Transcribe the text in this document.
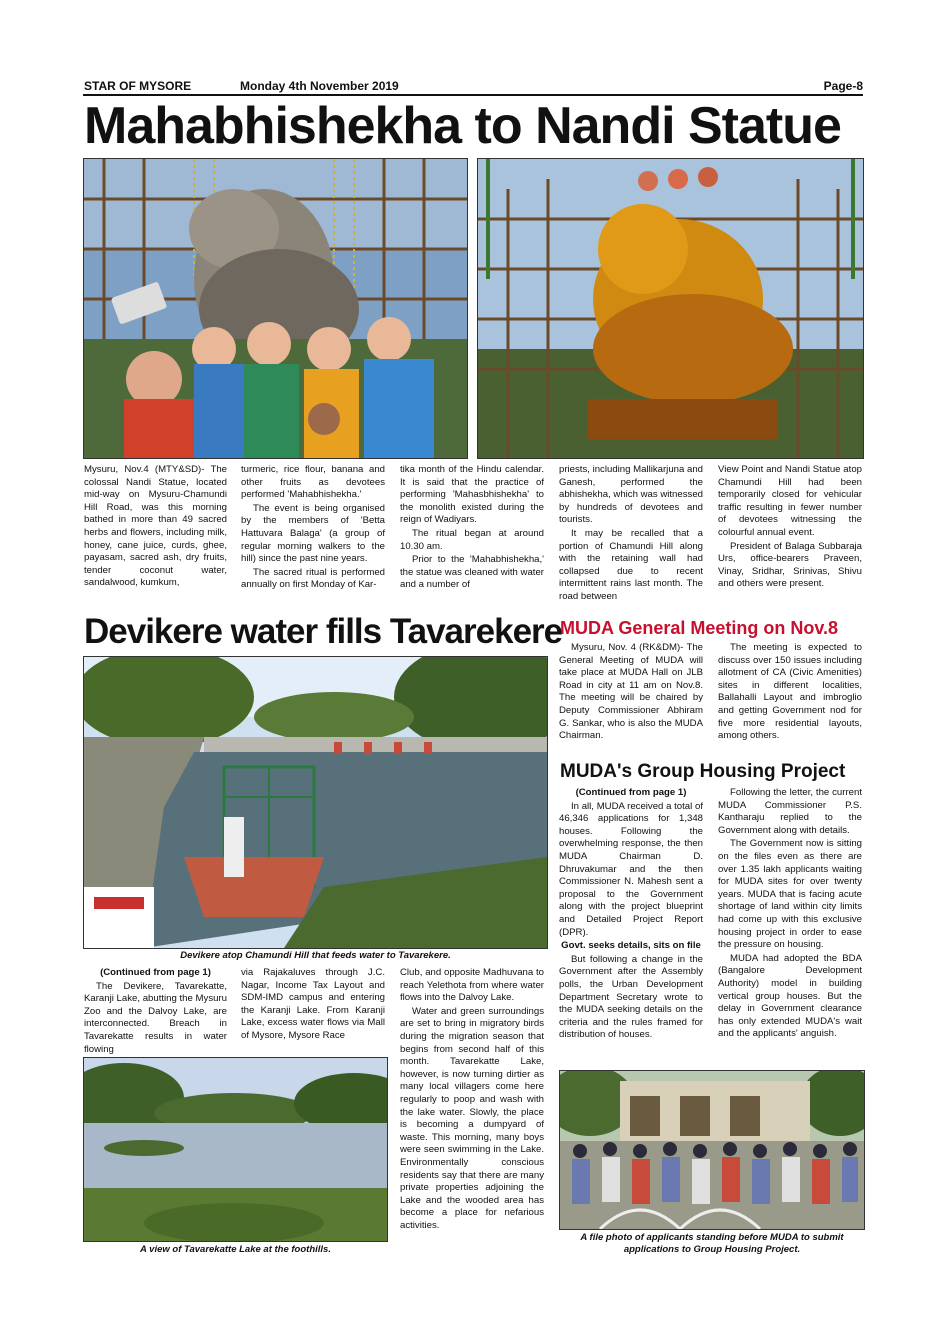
STAR OF MYSORE	Monday 4th November 2019	Page-8
Mahabhishekha to Nandi Statue

Mysuru, Nov.4 (MTY&SD)- The colossal Nandi Statue, located mid-way on Mysuru-Chamundi Hill Road, was this morning bathed in more than 49 sacred herbs and flowers, including milk, honey, cane juice, curds, ghee, payasam, sacred ash, dry fruits, tender coconut water, sandalwood, kumkum,

turmeric, rice flour, banana and other fruits as devotees performed 'Mahabhishekha.'

The event is being organised by the members of 'Betta Hattuvara Balaga' (a group of regular morning walkers to the hill) since the past nine years.

The sacred ritual is performed annually on first Monday of Kar-

tika month of the Hindu calendar. It is said that the practice of performing 'Mahasbhishekha' to the monolith existed during the reign of Wadiyars.

The ritual began at around 10.30 am.

Prior to the 'Mahabhishekha,' the statue was cleaned with water and a number of

priests, including Mallikarjuna and Ganesh, performed the abhishekha, which was witnessed by hundreds of devotees and tourists.

It may be recalled that a portion of Chamundi Hill along with the retaining wall had collapsed due to recent intermittent rains last month. The road between

View Point and Nandi Statue atop Chamundi Hill had been temporarily closed for vehicular traffic resulting in fewer number of devotees witnessing the colourful annual event.

President of Balaga Subbaraja Urs, office-bearers Praveen, Vinay, Sridhar, Srinivas, Shivu and others were present.

Devikere water fills Tavarekere
Devikere atop Chamundi Hill that feeds water to Tavarekere.

(Continued from page 1)

The Devikere, Tavarekatte, Karanji Lake, abutting the Mysuru Zoo and the Dalvoy Lake, are interconnected. Breach in Tavarekatte results in water flowing

via Rajakaluves through J.C. Nagar, Income Tax Layout and SDM-IMD campus and entering the Karanji Lake. From Karanji Lake, excess water flows via Mall of Mysore, Mysore Race

Club, and opposite Madhuvana to reach Yelethota from where water flows into the Dalvoy Lake.

Water and green surroundings are set to bring in migratory birds during the migration season that begins from second half of this month. Tavarekatte Lake, however, is now turning dirtier as many local villagers come here regularly to poop and wash with the lake water. Slowly, the place is becoming a dumpyard of waste. This morning, many boys were seen swimming in the Lake. Environmentally conscious residents say that there are many private properties adjoining the Lake and the wooded area has become a place for nefarious activities.

A view of Tavarekatte Lake at the foothills.
MUDA General Meeting on Nov.8

Mysuru, Nov. 4 (RK&DM)- The General Meeting of MUDA will take place at MUDA Hall on JLB Road in city at 11 am on Nov.8. The meeting will be chaired by Deputy Commissioner Abhiram G. Sankar, who is also the MUDA Chairman.

The meeting is expected to discuss over 150 issues including allotment of CA (Civic Amenities) sites in different localities, Ballahalli Layout and imbroglio and getting Government nod for five more residential layouts, among others.

MUDA's Group Housing Project

(Continued from page 1)

In all, MUDA received a total of 46,346 applications for 1,348 houses. Following the overwhelming response, the then MUDA Chairman D. Dhruvakumar and the then Commissioner N. Mahesh sent a proposal to the Government along with the project blueprint and Detailed Project Report (DPR).

Govt. seeks details, sits on file

But following a change in the Government after the Assembly polls, the Urban Development Department Secretary wrote to the MUDA seeking details on the criteria and the rules framed for distribution of houses.

Following the letter, the current MUDA Commissioner P.S. Kantharaju replied to the Government along with details.

The Government now is sitting on the files even as there are over 1.35 lakh applicants waiting for MUDA sites for over twenty years. MUDA that is facing acute shortage of land within city limits had come up with this exclusive housing project in order to ease the pressure on housing.

MUDA had adopted the BDA (Bangalore Development Authority) model in building vertical group houses. But the delay in Government clearance has only extended MUDA's wait and the applicants' anguish.

A file photo of applicants standing before MUDA to submit applications to Group Housing Project.
